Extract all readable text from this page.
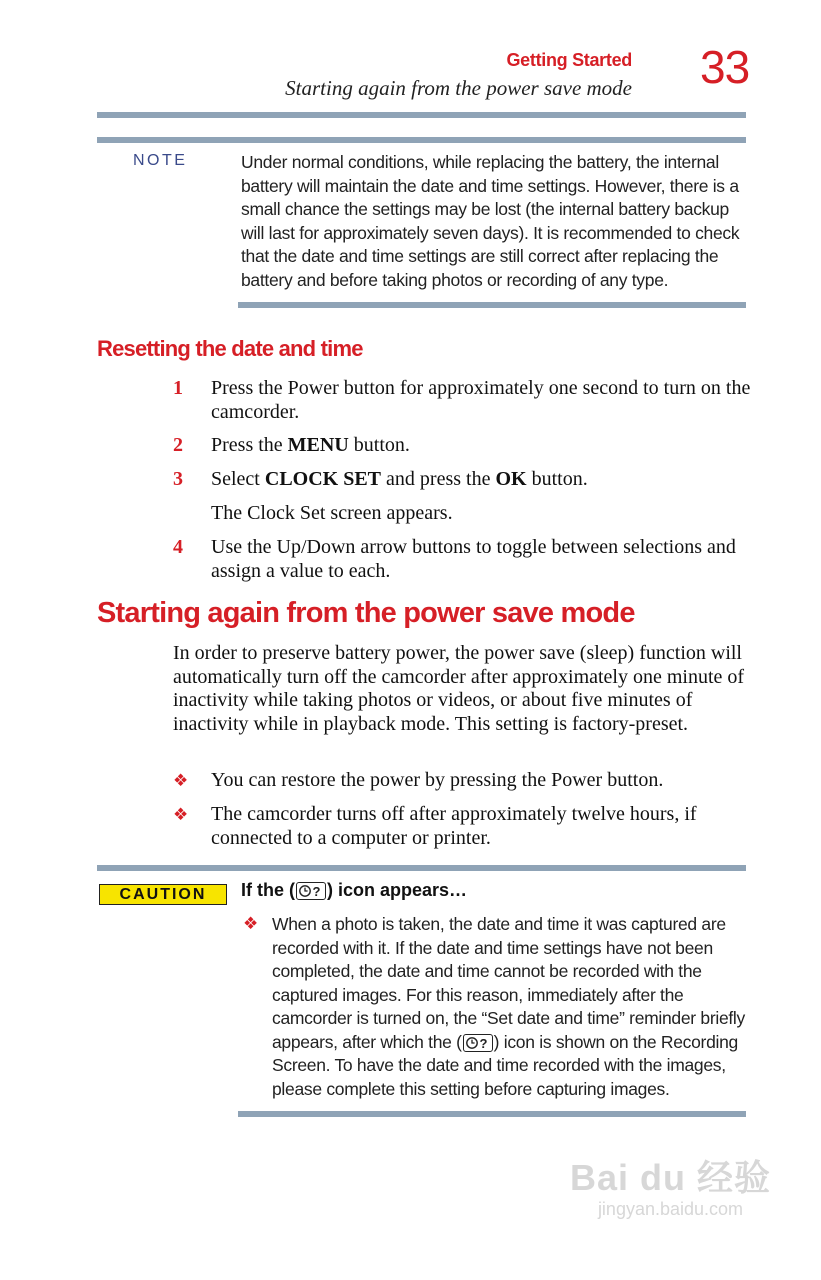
Getting Started
Starting again from the power save mode 33
NOTE	Under normal conditions, while replacing the battery, the internal battery will maintain the date and time settings. However, there is a small chance the settings may be lost (the internal battery backup will last for approximately seven days). It is recommended to check that the date and time settings are still correct after replacing the battery and before taking photos or recording of any type.
Resetting the date and time
1 Press the Power button for approximately one second to turn on the camcorder.
2 Press the MENU button.
3 Select CLOCK SET and press the OK button.
The Clock Set screen appears.
4 Use the Up/Down arrow buttons to toggle between selections and assign a value to each.
Starting again from the power save mode
In order to preserve battery power, the power save (sleep) function will automatically turn off the camcorder after approximately one minute of inactivity while taking photos or videos, or about five minutes of inactivity while in playback mode. This setting is factory-preset.
❖ You can restore the power by pressing the Power button.
❖ The camcorder turns off after approximately twelve hours, if connected to a computer or printer.
CAUTION	If the ( ? ) icon appears…
❖ When a photo is taken, the date and time it was captured are recorded with it. If the date and time settings have not been completed, the date and time cannot be recorded with the captured images. For this reason, immediately after the camcorder is turned on, the “Set date and time” reminder briefly appears, after which the ( ? ) icon is shown on the Recording Screen. To have the date and time recorded with the images, please complete this setting before capturing images.
Bai du 经验
jingyan.baidu.com
